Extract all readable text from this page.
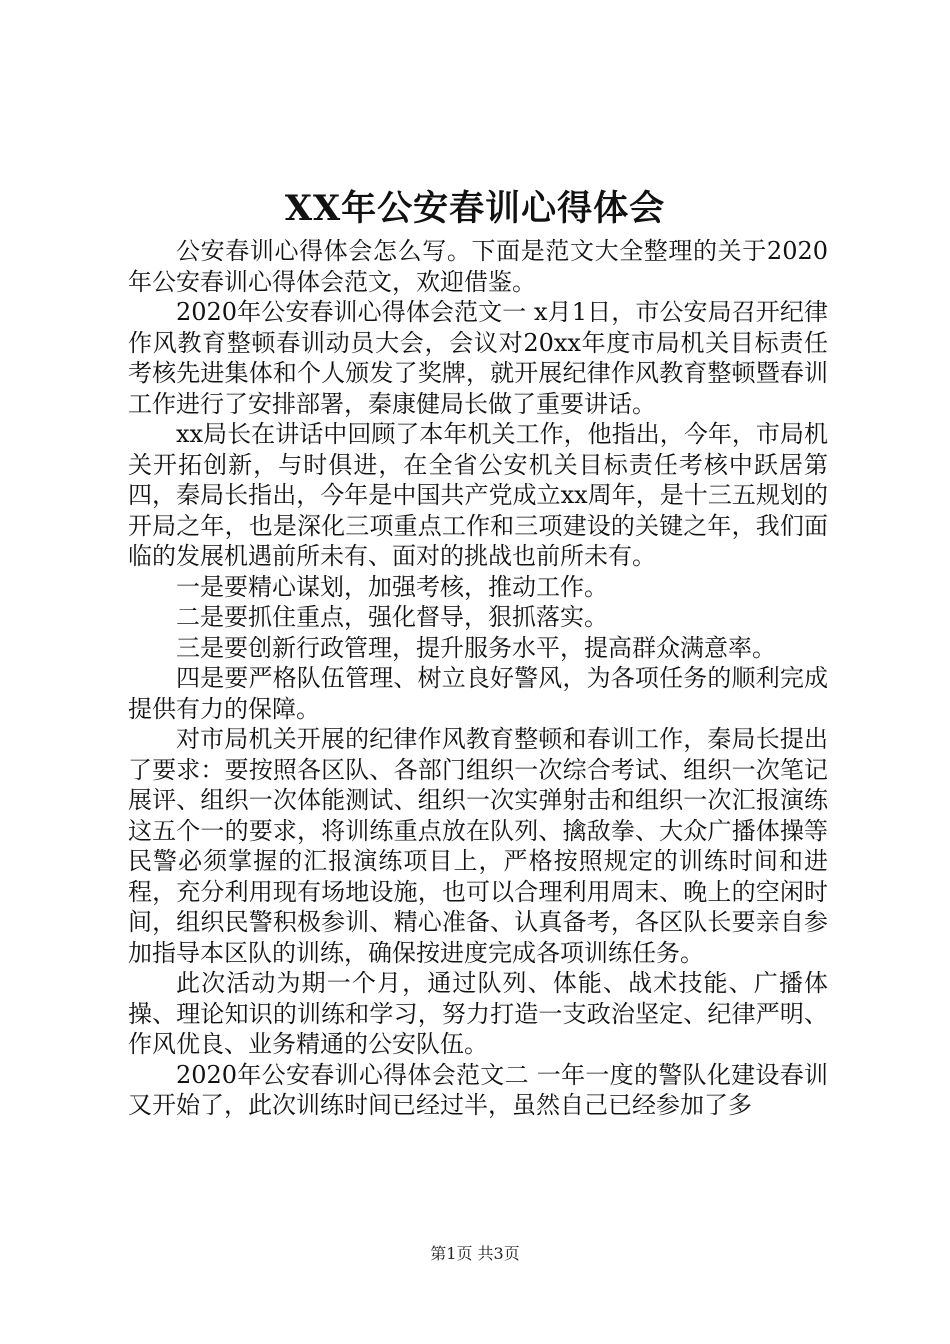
XX年公安春训心得体会

公安春训心得体会怎么写。下面是范文大全整理的关于2020年公安春训心得体会范文，欢迎借鉴。

2020年公安春训心得体会范文一 x月1日，市公安局召开纪律作风教育整顿春训动员大会，会议对20xx年度市局机关目标责任考核先进集体和个人颁发了奖牌，就开展纪律作风教育整顿暨春训工作进行了安排部署，秦康健局长做了重要讲话。

xx局长在讲话中回顾了本年机关工作，他指出，今年，市局机关开拓创新，与时俱进，在全省公安机关目标责任考核中跃居第四，秦局长指出，今年是中国共产党成立xx周年，是十三五规划的开局之年，也是深化三项重点工作和三项建设的关键之年，我们面临的发展机遇前所未有、面对的挑战也前所未有。

一是要精心谋划，加强考核，推动工作。

二是要抓住重点，强化督导，狠抓落实。

三是要创新行政管理，提升服务水平，提高群众满意率。

四是要严格队伍管理、树立良好警风，为各项任务的顺利完成提供有力的保障。

对市局机关开展的纪律作风教育整顿和春训工作，秦局长提出了要求：要按照各区队、各部门组织一次综合考试、组织一次笔记展评、组织一次体能测试、组织一次实弹射击和组织一次汇报演练这五个一的要求，将训练重点放在队列、擒敌拳、大众广播体操等民警必须掌握的汇报演练项目上，严格按照规定的训练时间和进程，充分利用现有场地设施，也可以合理利用周末、晚上的空闲时间，组织民警积极参训、精心准备、认真备考，各区队长要亲自参加指导本区队的训练，确保按进度完成各项训练任务。

此次活动为期一个月，通过队列、体能、战术技能、广播体操、理论知识的训练和学习，努力打造一支政治坚定、纪律严明、作风优良、业务精通的公安队伍。

2020年公安春训心得体会范文二 一年一度的警队化建设春训又开始了，此次训练时间已经过半，虽然自己已经参加了多

第1页 共3页
